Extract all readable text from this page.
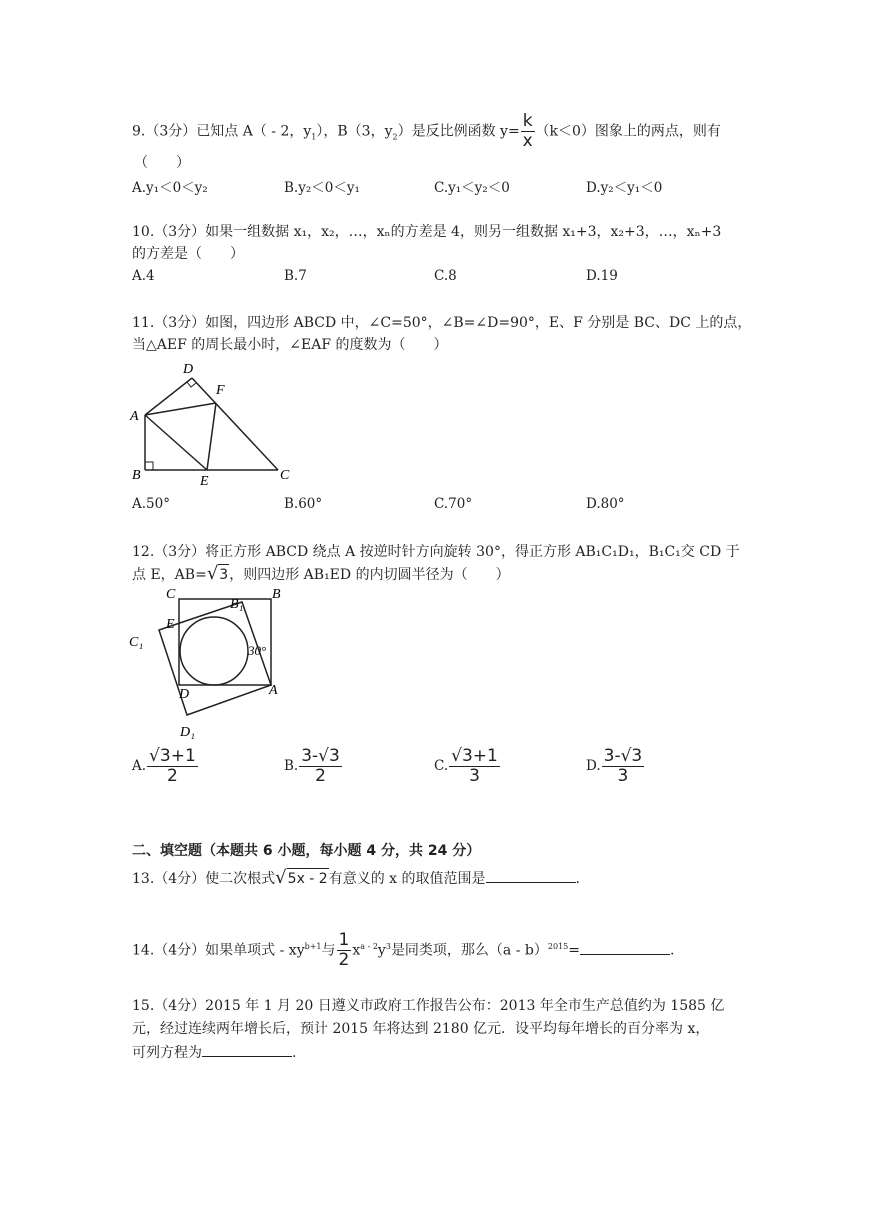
9.（3分）已知点 A（ - 2，$y_1$），B（3，$y_2$）是反比例函数 $y= \frac{k}{x} (k<0)$图象上的两点，则有
（　　）
A.y₁＜0＜y₂	B.y₂＜0＜y₁	C.y₁＜y₂＜0	D.y₂＜y₁＜0
10.（3分）如果一组数据 x₁，x₂，…，xₙ的方差是 4，则另一组数据 x₁+3，x₂+3，…，xₙ+3
的方差是（　　）
A.4	B.7	C.8	D.19
11.（3分）如图，四边形 ABCD 中，∠C=50°，∠B=∠D=90°，E、F 分别是 BC、DC 上的点，
当△AEF 的周长最小时，∠EAF 的度数为（　　）
D
F
A
B	E	C
A.50°	B.60°	C.70°	D.80°
12.（3分）将正方形 ABCD 绕点 A 按逆时针方向旋转 30°，得正方形 AB₁C₁D₁，B₁C₁交 CD 于
点 E，AB=√3，则四边形 AB₁ED 的内切圆半径为（　　）
C	B
B₁
E
C₁
30°
D	A
D₁
A. $\frac{√3+1}{2}$	B. $\frac{3-√3}{2}$	C. $\frac{√3+1}{3}$	D. $\frac{3-√3}{3}$
二、填空题（本题共 6 小题，每小题 4 分，共 24 分）
13.（4分）使二次根式√5x - 2有意义的 x 的取值范围是	.
14.（4分）如果单项式 - $xy^{b+1}$与 $\frac{1}{2} x^{a - 2}y^3$是同类项，那么（a - b）$^{2015}$=	.
15.（4分）2015 年 1 月 20 日遵义市政府工作报告公布：2013 年全市生产总值约为 1585 亿
元，经过连续两年增长后，预计 2015 年将达到 2180 亿元．设平均每年增长的百分率为 x，
可列方程为	.
